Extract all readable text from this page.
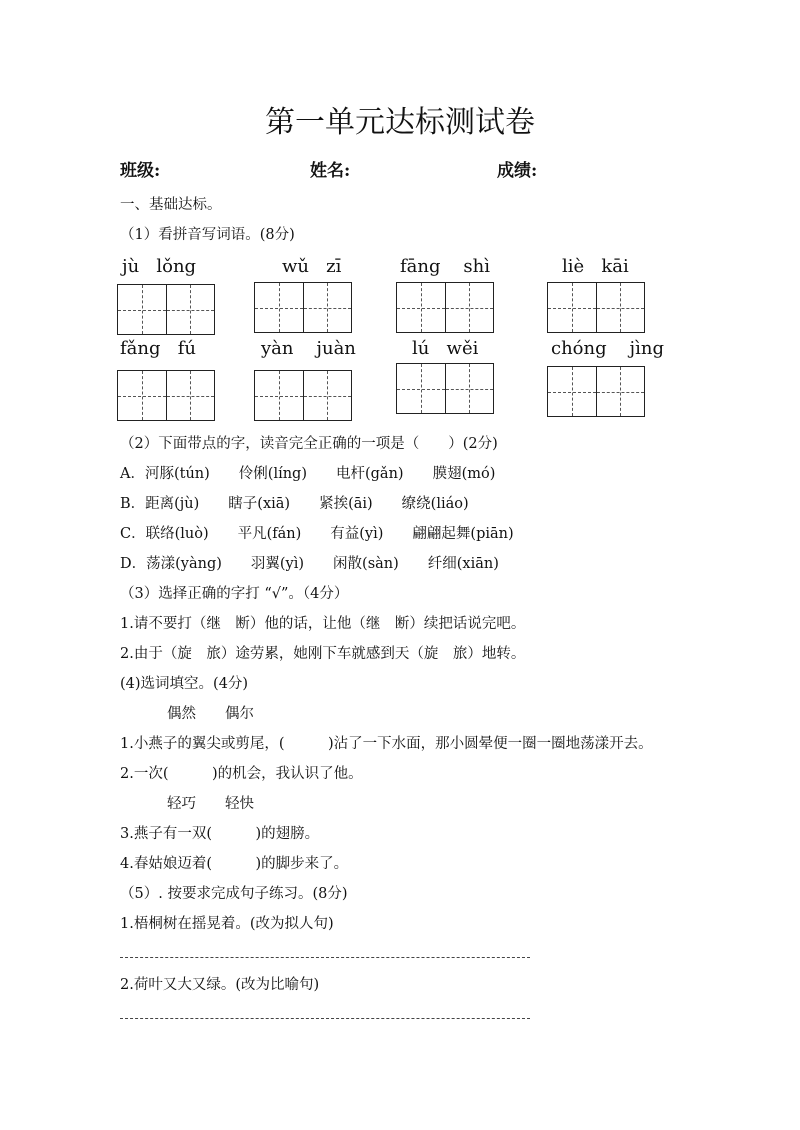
第一单元达标测试卷
班级:	姓名:	成绩:
一、基础达标。
（1）看拼音写词语。(8分)
jù lǒng	wǔ zī	fāng shì	liè kāi
fǎng fú	yàn juàn	lú wěi	chóng jìng
（2）下面带点的字，读音完全正确的一项是（　　）(2分)
A．河豚(tún)　　伶俐(líng)　　电杆(gǎn)　　膜翅(mó)
B．距离(jù)　　瞎子(xiā)　　紧挨(āi)　　缭绕(liáo)
C．联络(luò)　　平凡(fán)　　有益(yì)　　翩翩起舞(piān)
D．荡漾(yàng)　　羽翼(yì)　　闲散(sàn)　　纤细(xiān)
（3）选择正确的字打 “√”。（4分）
1.请不要打（继　断）他的话，让他（继　断）续把话说完吧。
2.由于（旋　旅）途劳累，她刚下车就感到天（旋　旅）地转。
(4)选词填空。(4分)
偶然　　偶尔
1.小燕子的翼尖或剪尾，(　　　)沾了一下水面，那小圆晕便一圈一圈地荡漾开去。
2.一次(　　　)的机会，我认识了他。
轻巧　　轻快
3.燕子有一双(　　　)的翅膀。
4.春姑娘迈着(　　　)的脚步来了。
（5）. 按要求完成句子练习。(8分)
1.梧桐树在摇晃着。(改为拟人句)
2.荷叶又大又绿。(改为比喻句)
